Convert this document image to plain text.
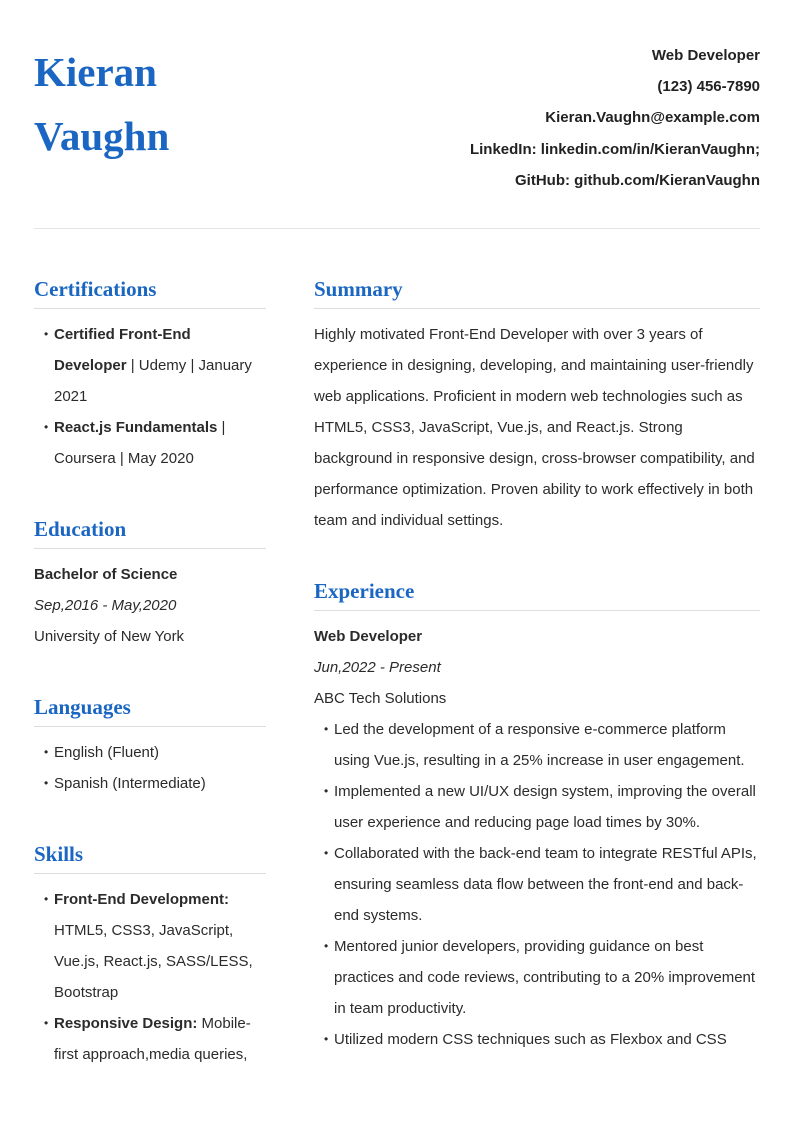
Kieran
Vaughn
Web Developer
(123) 456-7890
Kieran.Vaughn@example.com
LinkedIn: linkedin.com/in/KieranVaughn;
GitHub: github.com/KieranVaughn
Certifications
• Certified Front-End Developer | Udemy | January 2021
• React.js Fundamentals | Coursera | May 2020
Education
Bachelor of Science
Sep,2016 - May,2020
University of New York
Languages
• English (Fluent)
• Spanish (Intermediate)
Skills
• Front-End Development: HTML5, CSS3, JavaScript, Vue.js, React.js, SASS/LESS, Bootstrap
• Responsive Design: Mobile-first approach,media queries,
Summary
Highly motivated Front-End Developer with over 3 years of experience in designing, developing, and maintaining user-friendly web applications. Proficient in modern web technologies such as HTML5, CSS3, JavaScript, Vue.js, and React.js. Strong background in responsive design, cross-browser compatibility, and performance optimization. Proven ability to work effectively in both team and individual settings.
Experience
Web Developer
Jun,2022 - Present
ABC Tech Solutions
• Led the development of a responsive e-commerce platform using Vue.js, resulting in a 25% increase in user engagement.
• Implemented a new UI/UX design system, improving the overall user experience and reducing page load times by 30%.
• Collaborated with the back-end team to integrate RESTful APIs, ensuring seamless data flow between the front-end and back-end systems.
• Mentored junior developers, providing guidance on best practices and code reviews, contributing to a 20% improvement in team productivity.
• Utilized modern CSS techniques such as Flexbox and CSS
